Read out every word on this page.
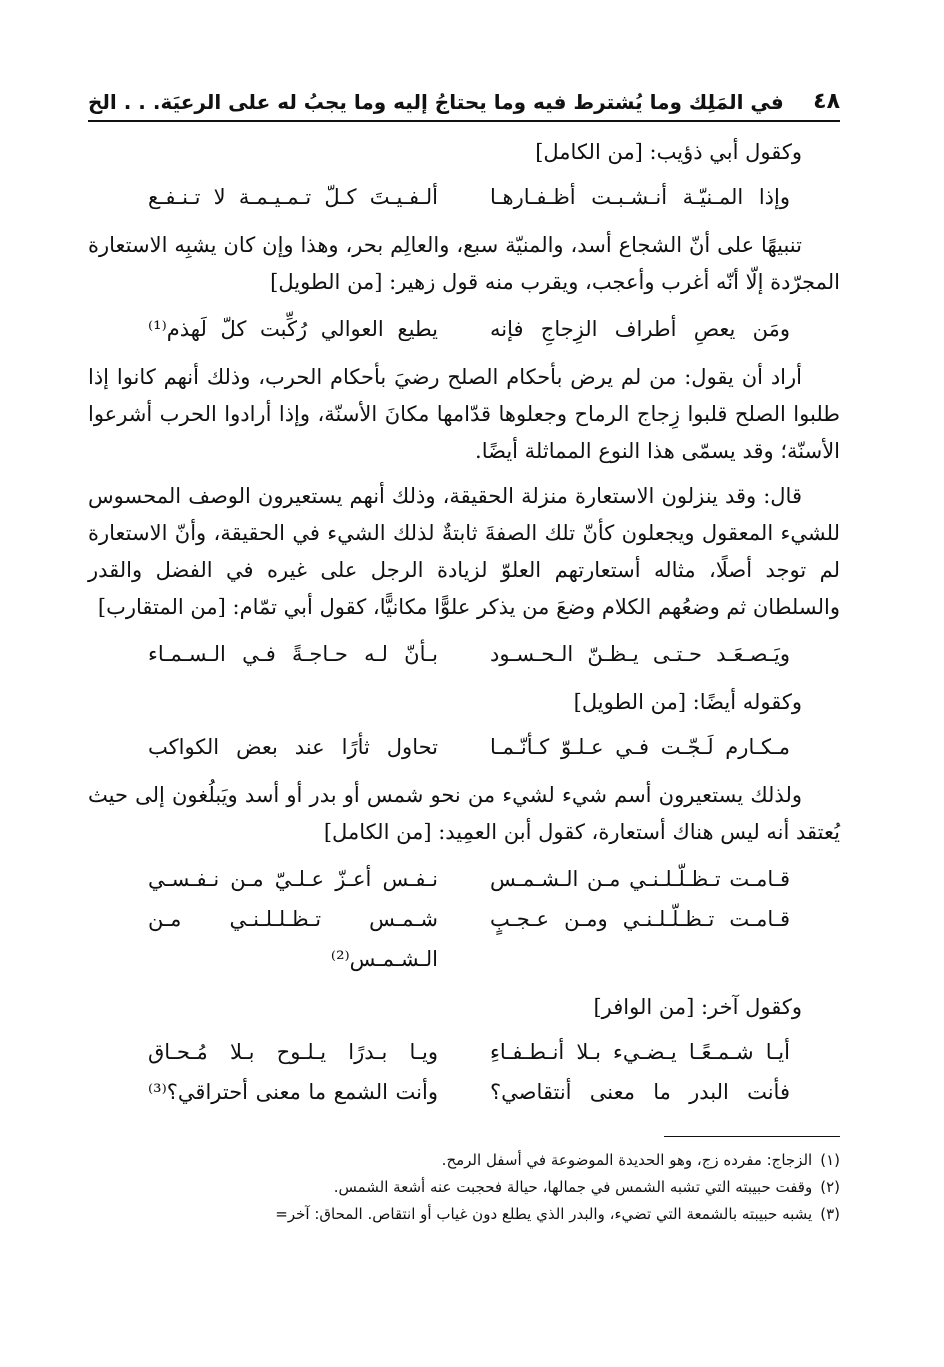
٤٨
في المَلِك وما يُشترط فيه وما يحتاجُ إليه وما يجبُ له على الرعيَة. . . الخ

وكقول أبي ذؤيب: [من الكامل]

وإذا المـنيّـة أنـشـبـت أظـفـارهـا
ألـفـيـتَ كـلّ تـمـيـمـة لا تـنـفـع

تنبيهًا على أنّ الشجاع أسد، والمنيّة سبع، والعالِم بحر، وهذا وإن كان يشبِه الاستعارة المجرّدة إلّا أنّه أغرب وأعجب، ويقرب منه قول زهير: [من الطويل]

ومَن يعصِ أطراف الزِجاجِ فإنه
يطيع العوالي رُكِّبت كلّ لَهذم⁽¹⁾

أراد أن يقول: من لم يرض بأحكام الصلح رضيَ بأحكام الحرب، وذلك أنهم كانوا إذا طلبوا الصلح قلبوا زِجاج الرماح وجعلوها قدّامها مكانَ الأسنّة، وإذا أرادوا الحرب أشرعوا الأسنّة؛ وقد يسمّى هذا النوع المماثلة أيضًا.

قال: وقد ينزلون الاستعارة منزلة الحقيقة، وذلك أنهم يستعيرون الوصف المحسوس للشيء المعقول ويجعلون كأنّ تلك الصفةَ ثابتةٌ لذلك الشيء في الحقيقة، وأنّ الاستعارة لم توجد أصلًا، مثاله أستعارتهم العلوّ لزيادة الرجل على غيره في الفضل والقدر والسلطان ثم وضعُهم الكلام وضعَ من يذكر علوًّا مكانيًّا، كقول أبي تمّام: [من المتقارب]

ويَـصـعَـد حـتـى يـظـنّ الـحـسـود
بـأنّ لـه حـاجـةً فـي الـسـمـاء

وكقوله أيضًا: [من الطويل]

مـكـارم لَـجّـت فـي عـلـوّ كـأنّـمـا
تحاول ثأرًا عند بعض الكواكب

ولذلك يستعيرون أسم شيء لشيء من نحو شمس أو بدر أو أسد ويَبلُغون إلى حيث يُعتقد أنه ليس هناك أستعارة، كقول أبن العمِيد: [من الكامل]

قـامـت تـظـلّـلـنـي مـن الـشـمـس
نـفـس أعـزّ عـلـيّ مـن نـفـسـي
قـامـت تـظـلّـلـنـي ومـن عـجـبٍ
شـمـس تـظـلـلـنـي مـن الـشـمـس⁽²⁾

وكقول آخر: [من الوافر]

أيـا شـمـعًـا يـضـيء بـلا أنـطـفـاءِ
ويـا بـدرًا يـلـوح بـلا مُـحـاق
فأنت البدر ما معنى أنتقاصي؟
وأنت الشمع ما معنى أحتراقي؟⁽³⁾
(١)الزجاج: مفرده زج، وهو الحديدة الموضوعة في أسفل الرمح.
(٢)وقفت حبيبته التي تشبه الشمس في جمالها، حيالة فحجبت عنه أشعة الشمس.
(٣)يشبه حبيبته بالشمعة التي تضيء، والبدر الذي يطلع دون غياب أو انتقاص. المحاق: آخر=
